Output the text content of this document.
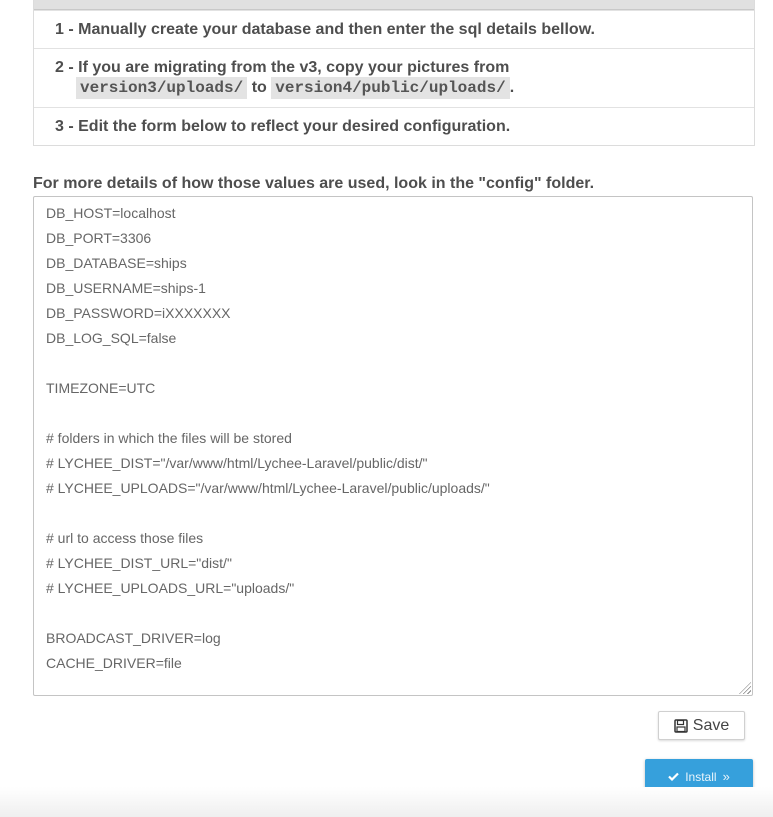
1 - Manually create your database and then enter the sql details bellow.
2 - If you are migrating from the v3, copy your pictures from
version3/uploads/ to version4/public/uploads/ .
3 - Edit the form below to reflect your desired configuration.
For more details of how those values are used, look in the "config" folder.
DB_HOST=localhost
DB_PORT=3306
DB_DATABASE=ships
DB_USERNAME=ships-1
DB_PASSWORD=iXXXXXXX
DB_LOG_SQL=false
TIMEZONE=UTC
# folders in which the files will be stored
# LYCHEE_DIST="/var/www/html/Lychee-Laravel/public/dist/"
# LYCHEE_UPLOADS="/var/www/html/Lychee-Laravel/public/uploads/"
# url to access those files
# LYCHEE_DIST_URL="dist/"
# LYCHEE_UPLOADS_URL="uploads/"
BROADCAST_DRIVER=log
CACHE_DRIVER=file
Save
Install »
